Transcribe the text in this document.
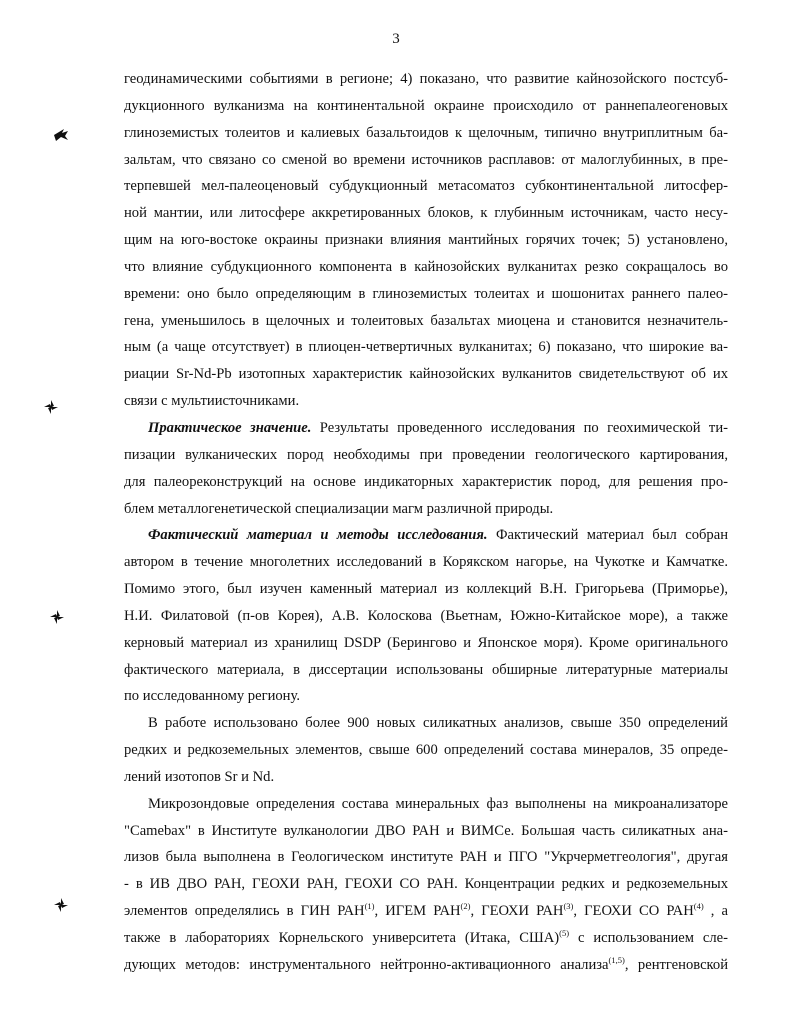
3
геодинамическими событиями в регионе; 4) показано, что развитие кайнозойского постсуб -
дукционного вулканизма на континентальной окраине происходило от раннепалеогеновых
глиноземистых толеитов и калиевых базальтоидов к щелочным, типично внутриплитным ба -
зальтам, что связано со сменой во времени источников расплавов: от малоглубинных, в пре -
терпевшей мел-палеоценовый субдукционный метасоматоз субконтинентальной литосфер -
ной мантии, или литосфере аккретированных блоков, к глубинным источникам, часто несу -
щим на юго-востоке окраины признаки влияния мантийных горячих точек; 5) установлено,
что влияние субдукционного компонента в кайнозойских вулканитах резко сокращалось во
времени: оно было определяющим в глиноземистых толеитах и шошонитах раннего палео -
гена, уменьшилось в щелочных и толеитовых базальтах миоцена и становится незначитель -
ным (а чаще отсутствует) в плиоцен-четвертичных вулканитах; 6) показано, что широкие ва -
риации Sr-Nd-Pb изотопных характеристик кайнозойских вулканитов свидетельствуют об их
связи с мультиисточниками.
Практическое значение. Результаты проведенного исследования по геохимической ти -
пизации вулканических пород необходимы при проведении геологического картирования,
для палеореконструкций на основе индикаторных характеристик пород, для решения про -
блем металлогенетической специализации магм различной природы.
Фактический материал и методы исследования. Фактический материал был собран
автором в течение многолетних исследований в Корякском нагорье, на Чукотке и Камчатке.
Помимо этого, был изучен каменный материал из коллекций В.Н. Григорьева (Приморье),
Н.И. Филатовой (п-ов Корея), А.В. Колоскова (Вьетнам, Южно-Китайское море), а также
керновый материал из хранилищ DSDP (Берингово и Японское моря). Кроме оригинального
фактического материала, в диссертации использованы обширные литературные материалы
по исследованному региону.
В работе использовано более 900 новых силикатных анализов, свыше 350 определений
редких и редкоземельных элементов, свыше 600 определений состава минералов, 35 опреде -
лений изотопов Sr и Nd.
Микрозондовые определения состава минеральных фаз выполнены на микроанализаторе
"Camebax" в Институте вулканологии ДВО РАН и ВИМСе. Большая часть силикатных ана -
лизов была выполнена в Геологическом институте РАН и ПГО "Укрчерметгеология", другая
- в ИВ ДВО РАН, ГЕОХИ РАН, ГЕОХИ СО РАН. Концентрации редких и редкоземельных
элементов определялись в ГИН РАН$^{(1)}$, ИГЕМ РАН$^{(2)}$, ГЕОХИ РАН$^{(3)}$, ГЕОХИ СО РАН$^{(4)}$ , а
также в лабораториях Корнельского университета (Итака, США)$^{(5)}$ с использованием сле -
дующих методов: инструментального нейтронно-активационного анализа$^{(1,5)}$, рентгеновской
